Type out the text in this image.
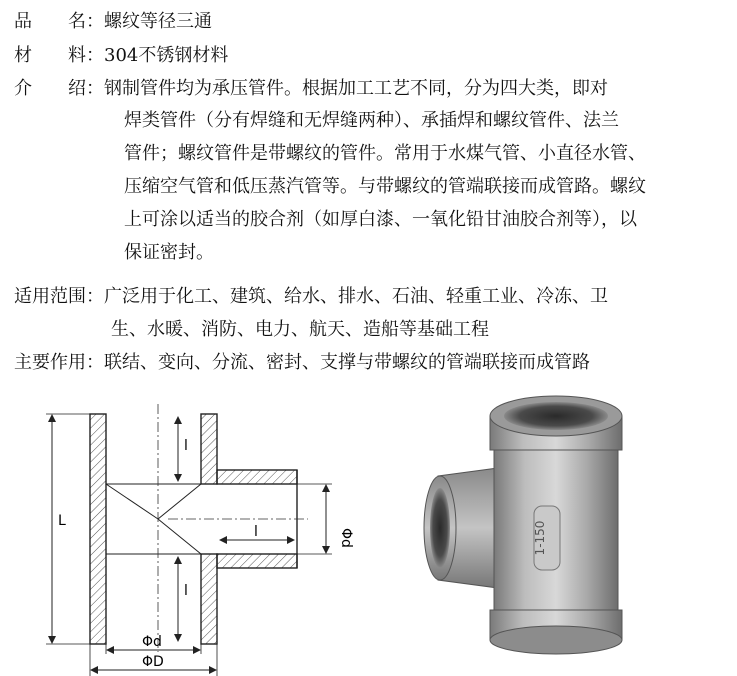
品　　名：螺纹等径三通
材　　料：304不锈钢材料
介　　绍：钢制管件均为承压管件。根据加工工艺不同，分为四大类，即对
焊类管件（分有焊缝和无焊缝两种）、承插焊和螺纹管件、法兰
管件；螺纹管件是带螺纹的管件。常用于水煤气管、小直径水管、
压缩空气管和低压蒸汽管等。与带螺纹的管端联接而成管路。螺纹
上可涂以适当的胶合剂（如厚白漆、一氧化铅甘油胶合剂等），以
保证密封。
适用范围：广泛用于化工、建筑、给水、排水、石油、轻重工业、冷冻、卫
生、水暖、消防、电力、航天、造船等基础工程
主要作用：联结、变向、分流、密封、支撑与带螺纹的管端联接而成管路
l
l
l	Φd
L
Φd
ΦD
1-150
